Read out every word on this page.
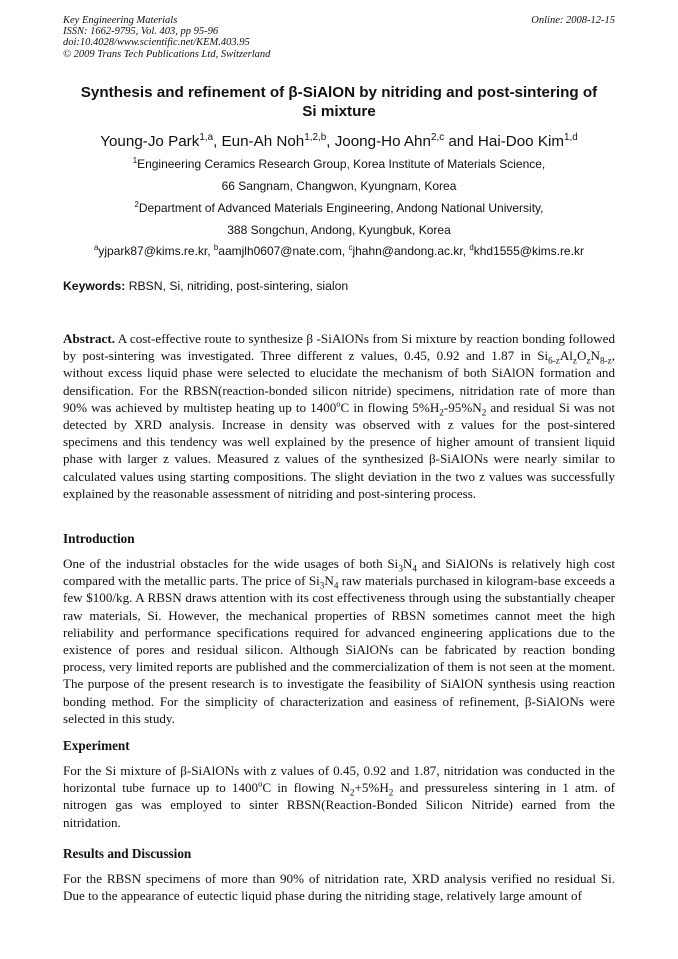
Key Engineering Materials
ISSN: 1662-9795, Vol. 403, pp 95-96
doi:10.4028/www.scientific.net/KEM.403.95
© 2009 Trans Tech Publications Ltd, Switzerland
Online: 2008-12-15
Synthesis and refinement of β-SiAlON by nitriding and post-sintering of
Si mixture
Young-Jo Park$^{1,a}$, Eun-Ah Noh$^{1,2,b}$, Joong-Ho Ahn$^{2,c}$ and Hai-Doo Kim$^{1,d}$
$^1$Engineering Ceramics Research Group, Korea Institute of Materials Science,
66 Sangnam, Changwon, Kyungnam, Korea
$^2$Department of Advanced Materials Engineering, Andong National University,
388 Songchun, Andong, Kyungbuk, Korea
$^a$yjpark87@kims.re.kr, $^b$aamjlh0607@nate.com, $^c$jhahn@andong.ac.kr, $^d$khd1555@kims.re.kr
Keywords: RBSN, Si, nitriding, post-sintering, sialon
Abstract. A cost-effective route to synthesize β -SiAlONs from Si mixture by reaction bonding followed by post-sintering was investigated. Three different z values, 0.45, 0.92 and 1.87 in $Si_{6-z}Al_zO_zN_{8-z}$, without excess liquid phase were selected to elucidate the mechanism of both SiAlON formation and densification. For the RBSN(reaction-bonded silicon nitride) specimens, nitridation rate of more than 90% was achieved by multistep heating up to 1400$^o$C in flowing $5\%H_2-95\%N_2$ and residual Si was not detected by XRD analysis. Increase in density was observed with z values for the post-sintered specimens and this tendency was well explained by the presence of higher amount of transient liquid phase with larger z values. Measured z values of the synthesized β-SiAlONs were nearly similar to calculated values using starting compositions. The slight deviation in the two z values was successfully explained by the reasonable assessment of nitriding and post-sintering process.
Introduction
One of the industrial obstacles for the wide usages of both $Si_3N_4$ and SiAlONs is relatively high cost compared with the metallic parts. The price of $Si_3N_4$ raw materials purchased in kilogram-base exceeds a few $100/kg. A RBSN draws attention with its cost effectiveness through using the substantially cheaper raw materials, Si. However, the mechanical properties of RBSN sometimes cannot meet the high reliability and performance specifications required for advanced engineering applications due to the existence of pores and residual silicon. Although SiAlONs can be fabricated by reaction bonding process, very limited reports are published and the commercialization of them is not seen at the moment. The purpose of the present research is to investigate the feasibility of SiAlON synthesis using reaction bonding method. For the simplicity of characterization and easiness of refinement, β-SiAlONs were selected in this study.
Experiment
For the Si mixture of β-SiAlONs with z values of 0.45, 0.92 and 1.87, nitridation was conducted in the horizontal tube furnace up to 1400$^o$C in flowing $N_2+5\%H_2$ and pressureless sintering in 1 atm. of nitrogen gas was employed to sinter RBSN(Reaction-Bonded Silicon Nitride) earned from the nitridation.
Results and Discussion
For the RBSN specimens of more than 90% of nitridation rate, XRD analysis verified no residual Si. Due to the appearance of eutectic liquid phase during the nitriding stage, relatively large amount of
